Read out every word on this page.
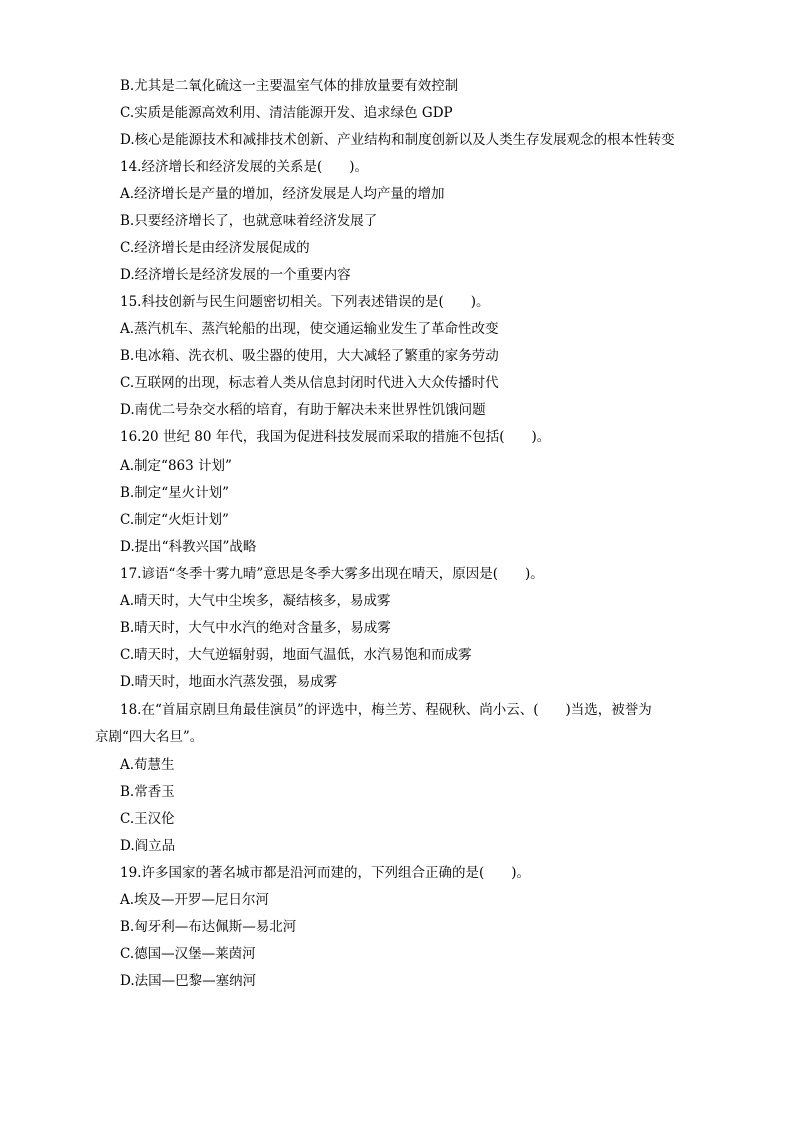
B.尤其是二氧化硫这一主要温室气体的排放量要有效控制
C.实质是能源高效利用、清洁能源开发、追求绿色 GDP
D.核心是能源技术和减排技术创新、产业结构和制度创新以及人类生存发展观念的根本性转变
14.经济增长和经济发展的关系是(　　)。
A.经济增长是产量的增加，经济发展是人均产量的增加
B.只要经济增长了，也就意味着经济发展了
C.经济增长是由经济发展促成的
D.经济增长是经济发展的一个重要内容
15.科技创新与民生问题密切相关。下列表述错误的是(　　)。
A.蒸汽机车、蒸汽轮船的出现，使交通运输业发生了革命性改变
B.电冰箱、洗衣机、吸尘器的使用，大大减轻了繁重的家务劳动
C.互联网的出现，标志着人类从信息封闭时代进入大众传播时代
D.南优二号杂交水稻的培育，有助于解决未来世界性饥饿问题
16.20 世纪 80 年代，我国为促进科技发展而采取的措施不包括(　　)。
A.制定“863 计划”
B.制定“星火计划”
C.制定“火炬计划”
D.提出“科教兴国”战略
17.谚语“冬季十雾九晴”意思是冬季大雾多出现在晴天，原因是(　　)。
A.晴天时，大气中尘埃多，凝结核多，易成雾
B.晴天时，大气中水汽的绝对含量多，易成雾
C.晴天时，大气逆辐射弱，地面气温低，水汽易饱和而成雾
D.晴天时，地面水汽蒸发强，易成雾
18.在“首届京剧旦角最佳演员”的评选中，梅兰芳、程砚秋、尚小云、(　　)当选，被誉为
京剧“四大名旦”。
A.荀慧生
B.常香玉
C.王汉伦
D.阎立品
19.许多国家的著名城市都是沿河而建的，下列组合正确的是(　　)。
A.埃及—开罗—尼日尔河
B.匈牙利—布达佩斯—易北河
C.德国—汉堡—莱茵河
D.法国—巴黎—塞纳河
